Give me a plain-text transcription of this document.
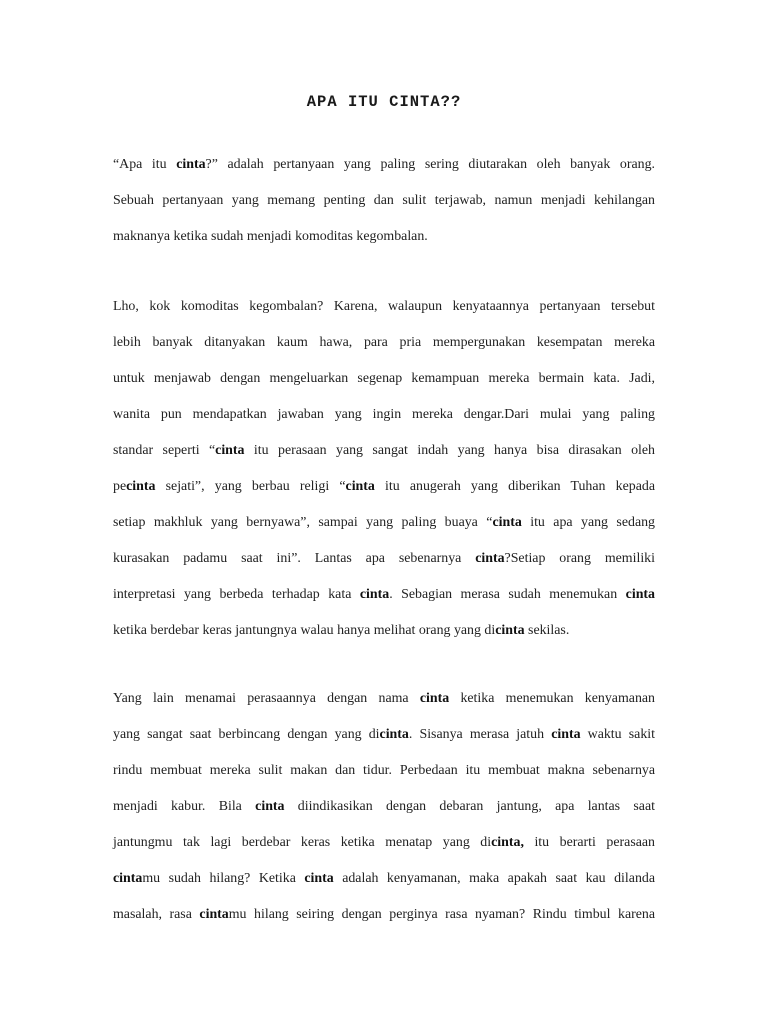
APA ITU CINTA??
“Apa itu cinta?” adalah pertanyaan yang paling sering diutarakan oleh banyak orang.
Sebuah pertanyaan yang memang penting dan sulit terjawab, namun menjadi kehilangan
maknanya ketika sudah menjadi komoditas kegombalan.
Lho, kok komoditas kegombalan? Karena, walaupun kenyataannya pertanyaan tersebut
lebih banyak ditanyakan kaum hawa, para pria mempergunakan kesempatan mereka
untuk menjawab dengan mengeluarkan segenap kemampuan mereka bermain kata. Jadi,
wanita pun mendapatkan jawaban yang ingin mereka dengar.Dari mulai yang paling
standar seperti “cinta itu perasaan yang sangat indah yang hanya bisa dirasakan oleh
pecinta sejati”, yang berbau religi “cinta itu anugerah yang diberikan Tuhan kepada
setiap makhluk yang bernyawa”, sampai yang paling buaya “cinta itu apa yang sedang
kurasakan padamu saat ini”. Lantas apa sebenarnya cinta?Setiap orang memiliki
interpretasi yang berbeda terhadap kata cinta. Sebagian merasa sudah menemukan cinta
ketika berdebar keras jantungnya walau hanya melihat orang yang dicinta sekilas.
Yang lain menamai perasaannya dengan nama cinta ketika menemukan kenyamanan
yang sangat saat berbincang dengan yang dicinta. Sisanya merasa jatuh cinta waktu sakit
rindu membuat mereka sulit makan dan tidur. Perbedaan itu membuat makna sebenarnya
menjadi kabur. Bila cinta diindikasikan dengan debaran jantung, apa lantas saat
jantungmu tak lagi berdebar keras ketika menatap yang dicinta, itu berarti perasaan
cintamu sudah hilang? Ketika cinta adalah kenyamanan, maka apakah saat kau dilanda
masalah, rasa cintamu hilang seiring dengan perginya rasa nyaman? Rindu timbul karena
